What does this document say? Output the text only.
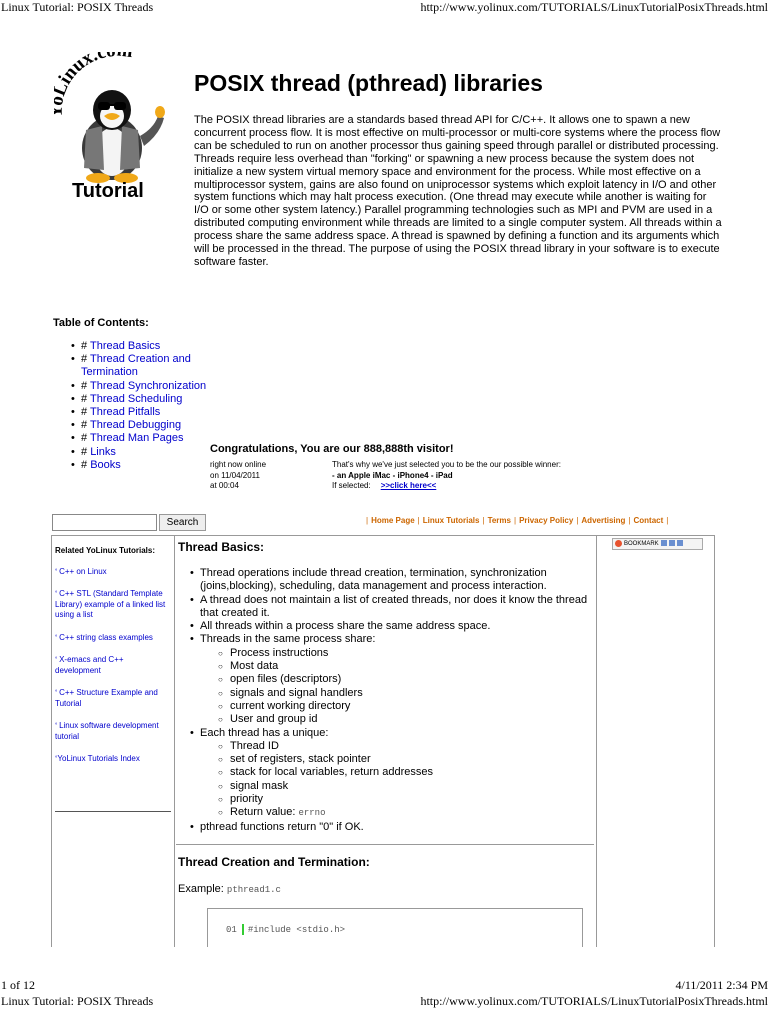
Linux Tutorial: POSIX Threads	http://www.yolinux.com/TUTORIALS/LinuxTutorialPosixThreads.html
inux.c
Tutorial
POSIX thread (pthread) libraries
The POSIX thread libraries are a standards based thread API for C/C++. It allows one to spawn a new concurrent process flow. It is most effective on multi-processor or multi-core systems where the process flow can be scheduled to run on another processor thus gaining speed through parallel or distributed processing. Threads require less overhead than "forking" or spawning a new process because the system does not initialize a new system virtual memory space and environment for the process. While most effective on a multiprocessor system, gains are also found on uniprocessor systems which exploit latency in I/O and other system functions which may halt process execution. (One thread may execute while another is waiting for I/O or some other system latency.) Parallel programming technologies such as MPI and PVM are used in a distributed computing environment while threads are limited to a single computer system. All threads within a process share the same address space. A thread is spawned by defining a function and its arguments which will be processed in the thread. The purpose of using the POSIX thread library in your software is to execute software faster.
Table of Contents:
• # Thread Basics
• # Thread Creation and Termination
• # Thread Synchronization
• # Thread Scheduling
• # Thread Pitfalls
• # Thread Debugging
• # Thread Man Pages
• # Links
• # Books
Congratulations, You are our 888,888th visitor!
right now online
on 11/04/2011
at 00:04
That's why we've just selected you to be the our possible winner:
- an Apple iMac - iPhone4 - iPad
If selected: >>click here<<
Search	| Home Page | Linux Tutorials | Terms | Privacy Policy | Advertising | Contact |
Related YoLinux Tutorials:
° C++ on Linux
° C++ STL (Standard Template Library) example of a linked list using a list
° C++ string class examples
° X-emacs and C++ development
° C++ Structure Example and Tutorial
° Linux software development tutorial
°YoLinux Tutorials Index
BOOKMARK
Thread Basics:
• Thread operations include thread creation, termination, synchronization (joins,blocking), scheduling, data management and process interaction.
• A thread does not maintain a list of created threads, nor does it know the thread that created it.
• All threads within a process share the same address space.
• Threads in the same process share:
○ Process instructions
○ Most data
○ open files (descriptors)
○ signals and signal handlers
○ current working directory
○ User and group id
• Each thread has a unique:
○ Thread ID
○ set of registers, stack pointer
○ stack for local variables, return addresses
○ signal mask
○ priority
○ Return value: errno
• pthread functions return "0" if OK.
Thread Creation and Termination:
Example: pthread1.c
01 #include <stdio.h>
1 of 12	4/11/2011 2:34 PM
Linux Tutorial: POSIX Threads	http://www.yolinux.com/TUTORIALS/LinuxTutorialPosixThreads.html
